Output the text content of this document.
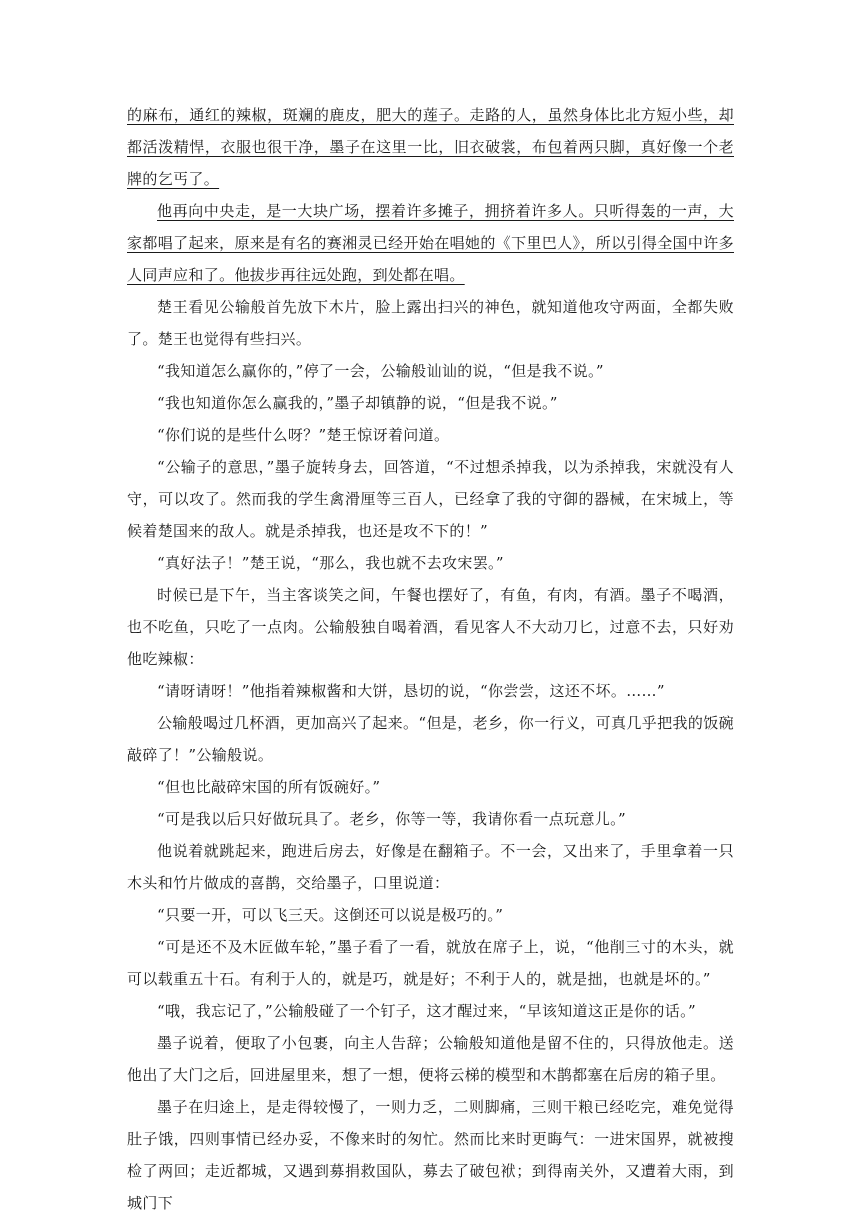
的麻布，通红的辣椒，斑斓的鹿皮，肥大的莲子。走路的人，虽然身体比北方短小些，却都活泼精悍，衣服也很干净，墨子在这里一比，旧衣破裳，布包着两只脚，真好像一个老牌的乞丐了。

他再向中央走，是一大块广场，摆着许多摊子，拥挤着许多人。只听得轰的一声，大家都唱了起来，原来是有名的赛湘灵已经开始在唱她的《下里巴人》，所以引得全国中许多人同声应和了。他拔步再往远处跑，到处都在唱。

楚王看见公输般首先放下木片，脸上露出扫兴的神色，就知道他攻守两面，全都失败了。楚王也觉得有些扫兴。

“我知道怎么赢你的，”停了一会，公输般讪讪的说，“但是我不说。”

“我也知道你怎么赢我的，”墨子却镇静的说，“但是我不说。”

“你们说的是些什么呀？”楚王惊讶着问道。

“公输子的意思，”墨子旋转身去，回答道，“不过想杀掉我，以为杀掉我，宋就没有人守，可以攻了。然而我的学生禽滑厘等三百人，已经拿了我的守御的器械，在宋城上，等候着楚国来的敌人。就是杀掉我，也还是攻不下的！”

“真好法子！”楚王说，“那么，我也就不去攻宋罢。”

时候已是下午，当主客谈笑之间，午餐也摆好了，有鱼，有肉，有酒。墨子不喝酒，也不吃鱼，只吃了一点肉。公输般独自喝着酒，看见客人不大动刀匕，过意不去，只好劝他吃辣椒：

“请呀请呀！”他指着辣椒酱和大饼，恳切的说，“你尝尝，这还不坏。……”

公输般喝过几杯酒，更加高兴了起来。“但是，老乡，你一行义，可真几乎把我的饭碗敲碎了！”公输般说。

“但也比敲碎宋国的所有饭碗好。”

“可是我以后只好做玩具了。老乡，你等一等，我请你看一点玩意儿。”

他说着就跳起来，跑进后房去，好像是在翻箱子。不一会，又出来了，手里拿着一只木头和竹片做成的喜鹊，交给墨子，口里说道：

“只要一开，可以飞三天。这倒还可以说是极巧的。”

“可是还不及木匠做车轮，”墨子看了一看，就放在席子上，说，“他削三寸的木头，就可以载重五十石。有利于人的，就是巧，就是好；不利于人的，就是拙，也就是坏的。”

“哦，我忘记了，”公输般碰了一个钉子，这才醒过来，“早该知道这正是你的话。”

墨子说着，便取了小包裹，向主人告辞；公输般知道他是留不住的，只得放他走。送他出了大门之后，回进屋里来，想了一想，便将云梯的模型和木鹊都塞在后房的箱子里。

墨子在归途上，是走得较慢了，一则力乏，二则脚痛，三则干粮已经吃完，难免觉得肚子饿，四则事情已经办妥，不像来时的匆忙。然而比来时更晦气：一进宋国界，就被搜检了两回；走近都城，又遇到募捐救国队，募去了破包袱；到得南关外，又遭着大雨，到城门下
